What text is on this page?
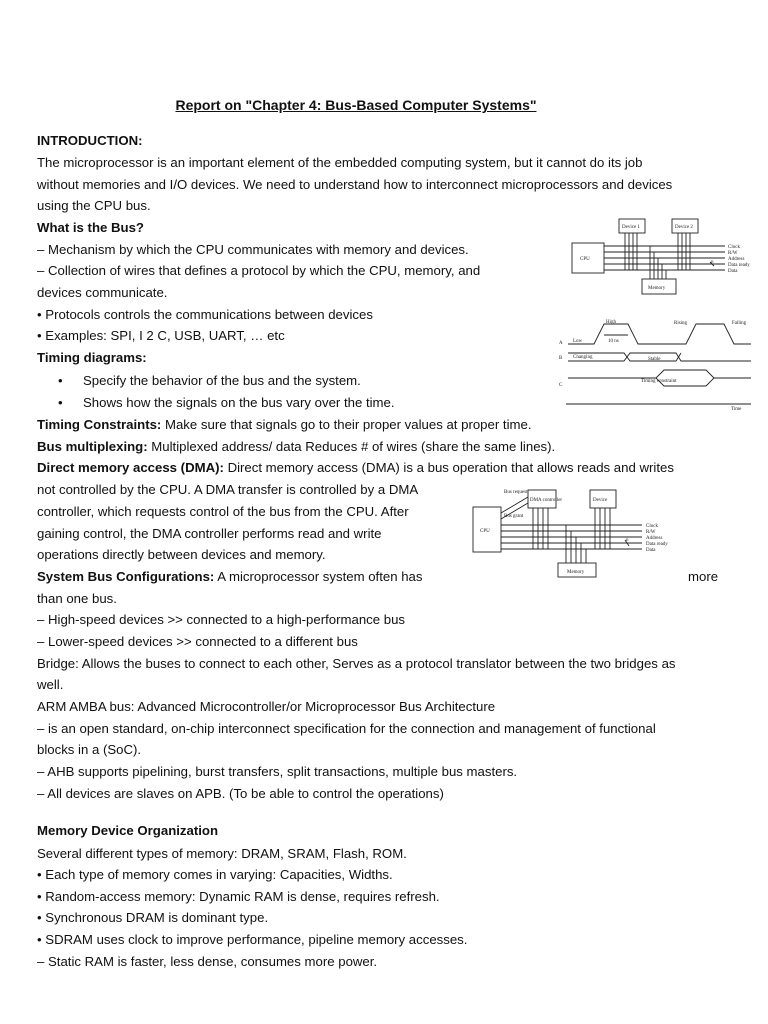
Report on "Chapter 4: Bus-Based Computer Systems"
INTRODUCTION:
The microprocessor is an important element of the embedded computing system, but it cannot do its job
without memories and I/O devices. We need to understand how to interconnect microprocessors and devices
using the CPU bus.
What is the Bus?
– Mechanism by which the CPU communicates with memory and devices.
– Collection of wires that defines a protocol by which the CPU, memory, and
devices communicate.
• Protocols controls the communications between devices
• Examples: SPI, I 2 C, USB, UART, … etc
Timing diagrams:
• Specify the behavior of the bus and the system.
• Shows how the signals on the bus vary over the time.
Timing Constraints: Make sure that signals go to their proper values at proper time.
Bus multiplexing: Multiplexed address/ data Reduces # of wires (share the same lines).
Direct memory access (DMA): Direct memory access (DMA) is a bus operation that allows reads and writes
not controlled by the CPU. A DMA transfer is controlled by a DMA
controller, which requests control of the bus from the CPU. After
gaining control, the DMA controller performs read and write
operations directly between devices and memory.
System Bus Configurations: A microprocessor system often has	more
than one bus.
– High-speed devices >> connected to a high-performance bus
– Lower-speed devices >> connected to a different bus
Bridge: Allows the buses to connect to each other, Serves as a protocol translator between the two bridges as
well.
ARM AMBA bus: Advanced Microcontroller/or Microprocessor Bus Architecture
– is an open standard, on-chip interconnect specification for the connection and management of functional
blocks in a (SoC).
– AHB supports pipelining, burst transfers, split transactions, multiple bus masters.
– All devices are slaves on APB. (To be able to control the operations)
Memory Device Organization
Several different types of memory: DRAM, SRAM, Flash, ROM.
• Each type of memory comes in varying: Capacities, Widths.
• Random-access memory: Dynamic RAM is dense, requires refresh.
• Synchronous DRAM is dominant type.
• SDRAM uses clock to improve performance, pipeline memory accesses.
– Static RAM is faster, less dense, consumes more power.
CPU
Device 1	Device 2
Memory
n
Clock
R/W
Address
Data ready
Data
A
B
C
High
Low	10 ns
Rising	Falling
Changing	Stable
Timing constraint
Time
CPU
Bus request
Bus grant
DMA controller	Device
Memory
n
Clock
R/W
Address
Data ready
Data
